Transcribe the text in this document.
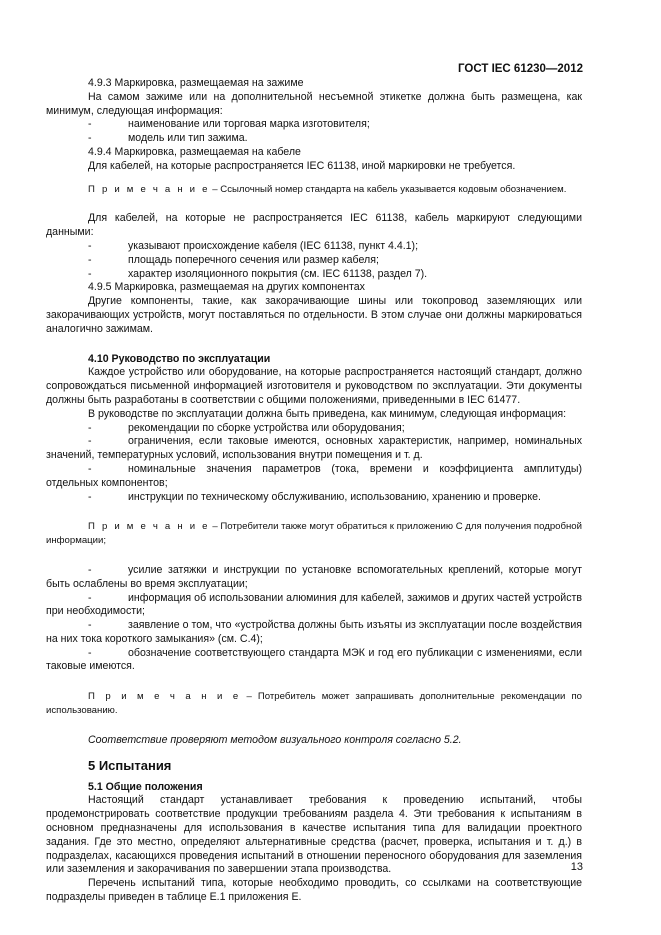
ГОСТ IEC 61230—2012

4.9.3 Маркировка, размещаемая на зажиме

На самом зажиме или на дополнительной несъемной этикетке должна быть размещена, как минимум, следующая информация:

-	наименование или торговая марка изготовителя;

-	модель или тип зажима.

4.9.4 Маркировка, размещаемая на кабеле

Для кабелей, на которые распространяется IEC 61138, иной маркировки не требуется.

П р и м е ч а н и е – Ссылочный номер стандарта на кабель указывается кодовым обозначением.

Для кабелей, на которые не распространяется IEC 61138, кабель маркируют следующими данными:

-	указывают происхождение кабеля (IEC 61138, пункт 4.4.1);

-	площадь поперечного сечения или размер кабеля;

-	характер изоляционного покрытия (см. IEC 61138, раздел 7).

4.9.5 Маркировка, размещаемая на других компонентах

Другие компоненты, такие, как закорачивающие шины или токопровод заземляющих или закорачивающих устройств, могут поставляться по отдельности. В этом случае они должны маркироваться аналогично зажимам.

4.10 Руководство по эксплуатации

Каждое устройство или оборудование, на которые распространяется настоящий стандарт, должно сопровождаться письменной информацией изготовителя и руководством по эксплуатации. Эти документы должны быть разработаны в соответствии с общими положениями, приведенными в IEC 61477.

В руководстве по эксплуатации должна быть приведена, как минимум, следующая информация:

-	рекомендации по сборке устройства или оборудования;

-	ограничения, если таковые имеются, основных характеристик, например, номинальных значений, температурных условий, использования внутри помещения и т. д.

-	номинальные значения параметров (тока, времени и коэффициента амплитуды) отдельных компонентов;

-	инструкции по техническому обслуживанию, использованию, хранению и проверке.

П р и м е ч а н и е – Потребители также могут обратиться к приложению С для получения подробной информации;

-	усилие затяжки и инструкции по установке вспомогательных креплений, которые могут быть ослаблены во время эксплуатации;

-	информация об использовании алюминия для кабелей, зажимов и других частей устройств при необходимости;

-	заявление о том, что «устройства должны быть изъяты из эксплуатации после воздействия на них тока короткого замыкания» (см. С.4);

-	обозначение соответствующего стандарта МЭК и год его публикации с изменениями, если таковые имеются.

П р и м е ч а н и е – Потребитель может запрашивать дополнительные рекомендации по использованию.

Соответствие проверяют методом визуального контроля согласно 5.2.

5 Испытания

5.1 Общие положения

Настоящий стандарт устанавливает требования к проведению испытаний, чтобы продемонстрировать соответствие продукции требованиям раздела 4. Эти требования к испытаниям в основном предназначены для использования в качестве испытания типа для валидации проектного задания. Где это местно, определяют альтернативные средства (расчет, проверка, испытания и т. д.) в подразделах, касающихся проведения испытаний в отношении переносного оборудования для заземления или заземления и закорачивания по завершении этапа производства.

Перечень испытаний типа, которые необходимо проводить, со ссылками на соответствующие подразделы приведен в таблице Е.1 приложения Е.

13
